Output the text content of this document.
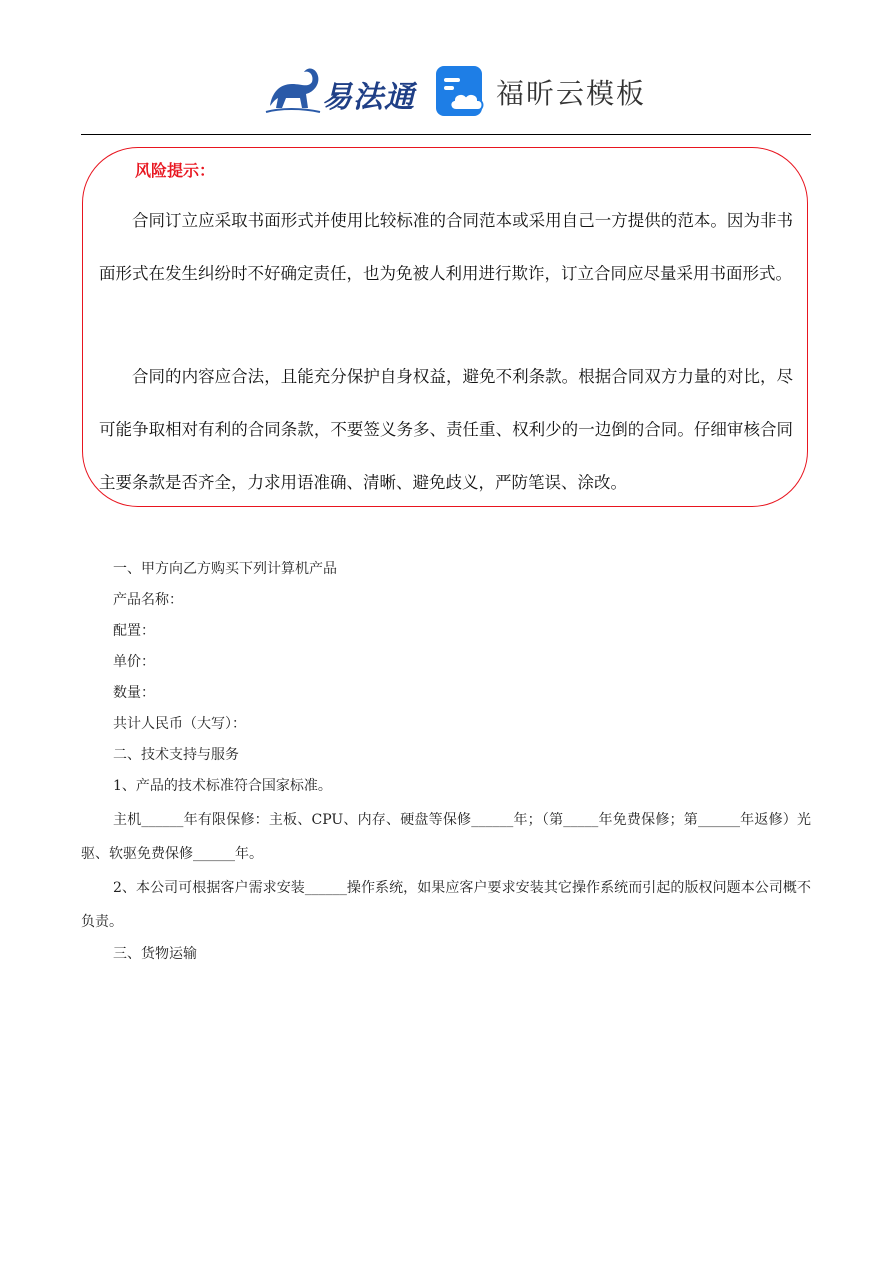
易法通	福昕云模板
风险提示：

合同订立应采取书面形式并使用比较标准的合同范本或采用自己一方提供的范本。因为非书面形式在发生纠纷时不好确定责任，也为免被人利用进行欺诈，订立合同应尽量采用书面形式。

合同的内容应合法，且能充分保护自身权益，避免不利条款。根据合同双方力量的对比，尽可能争取相对有利的合同条款，不要签义务多、责任重、权利少的一边倒的合同。仔细审核合同主要条款是否齐全，力求用语准确、清晰、避免歧义，严防笔误、涂改。

一、甲方向乙方购买下列计算机产品

产品名称：

配置：

单价：

数量：

共计人民币（大写）：

二、技术支持与服务

1、产品的技术标准符合国家标准。

主机______年有限保修：主板、CPU、内存、硬盘等保修______年；（第_____年免费保修；第______年返修）光驱、软驱免费保修______年。

2、本公司可根据客户需求安装______操作系统，如果应客户要求安装其它操作系统而引起的版权问题本公司概不负责。

三、货物运输
